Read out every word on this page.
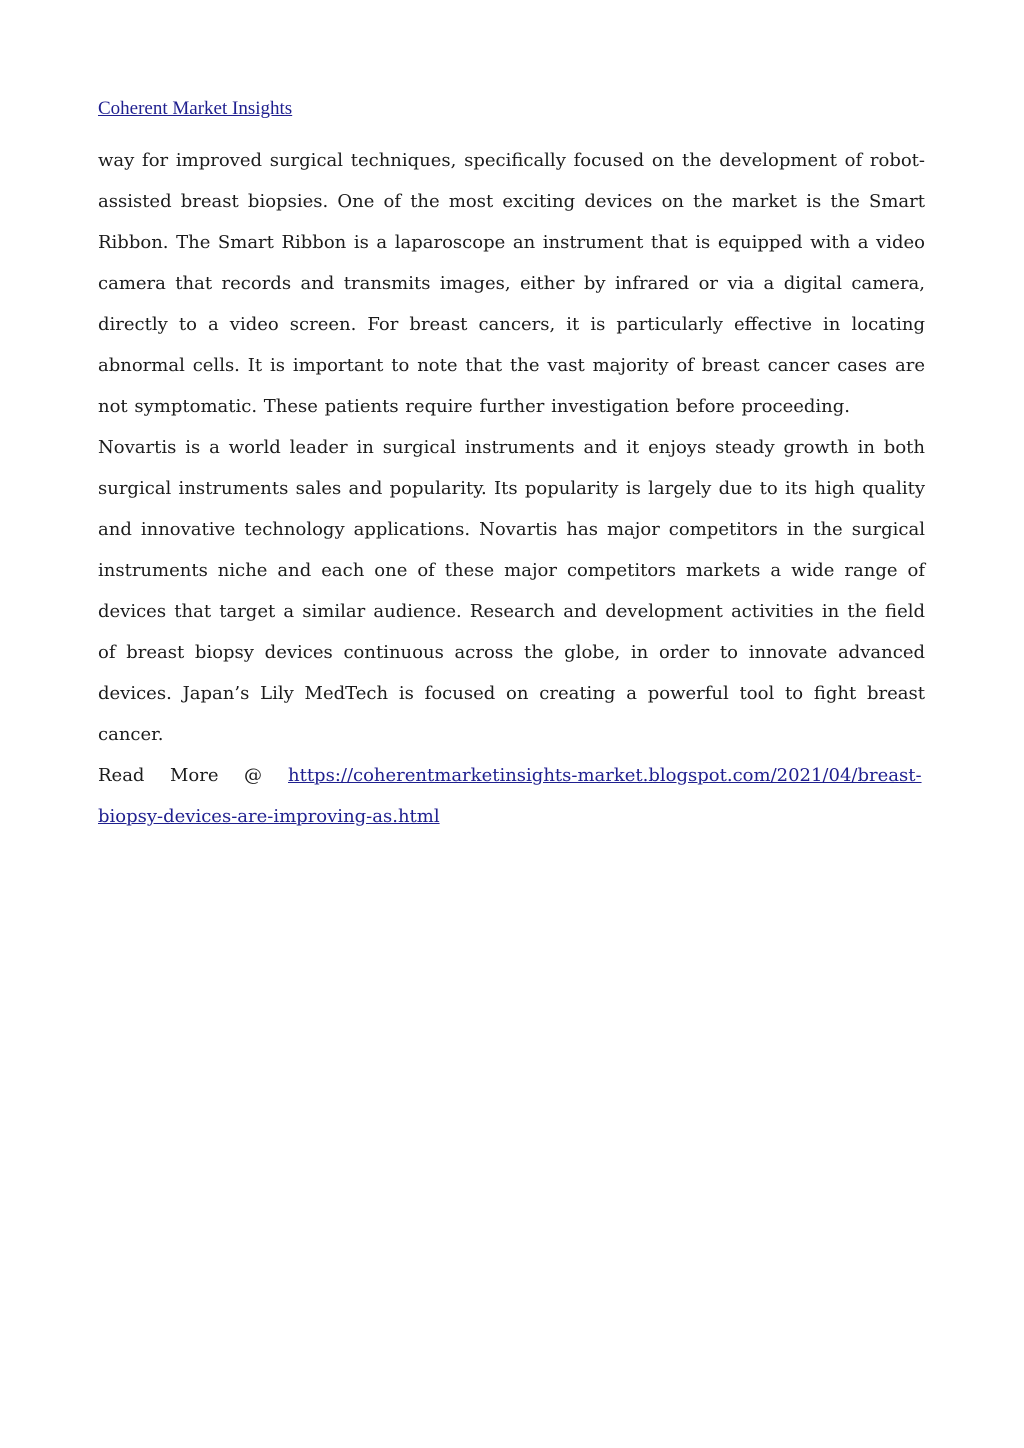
Coherent Market Insights

way for improved surgical techniques, specifically focused on the development of robot-assisted breast biopsies. One of the most exciting devices on the market is the Smart Ribbon. The Smart Ribbon is a laparoscope an instrument that is equipped with a video camera that records and transmits images, either by infrared or via a digital camera, directly to a video screen. For breast cancers, it is particularly effective in locating abnormal cells. It is important to note that the vast majority of breast cancer cases are not symptomatic. These patients require further investigation before proceeding.

Novartis is a world leader in surgical instruments and it enjoys steady growth in both surgical instruments sales and popularity. Its popularity is largely due to its high quality and innovative technology applications. Novartis has major competitors in the surgical instruments niche and each one of these major competitors markets a wide range of devices that target a similar audience. Research and development activities in the field of breast biopsy devices continuous across the globe, in order to innovate advanced devices. Japan’s Lily MedTech is focused on creating a powerful tool to fight breast cancer.

Read More @ https://coherentmarketinsights-market.blogspot.com/2021/04/breast-biopsy-devices-are-improving-as.html
